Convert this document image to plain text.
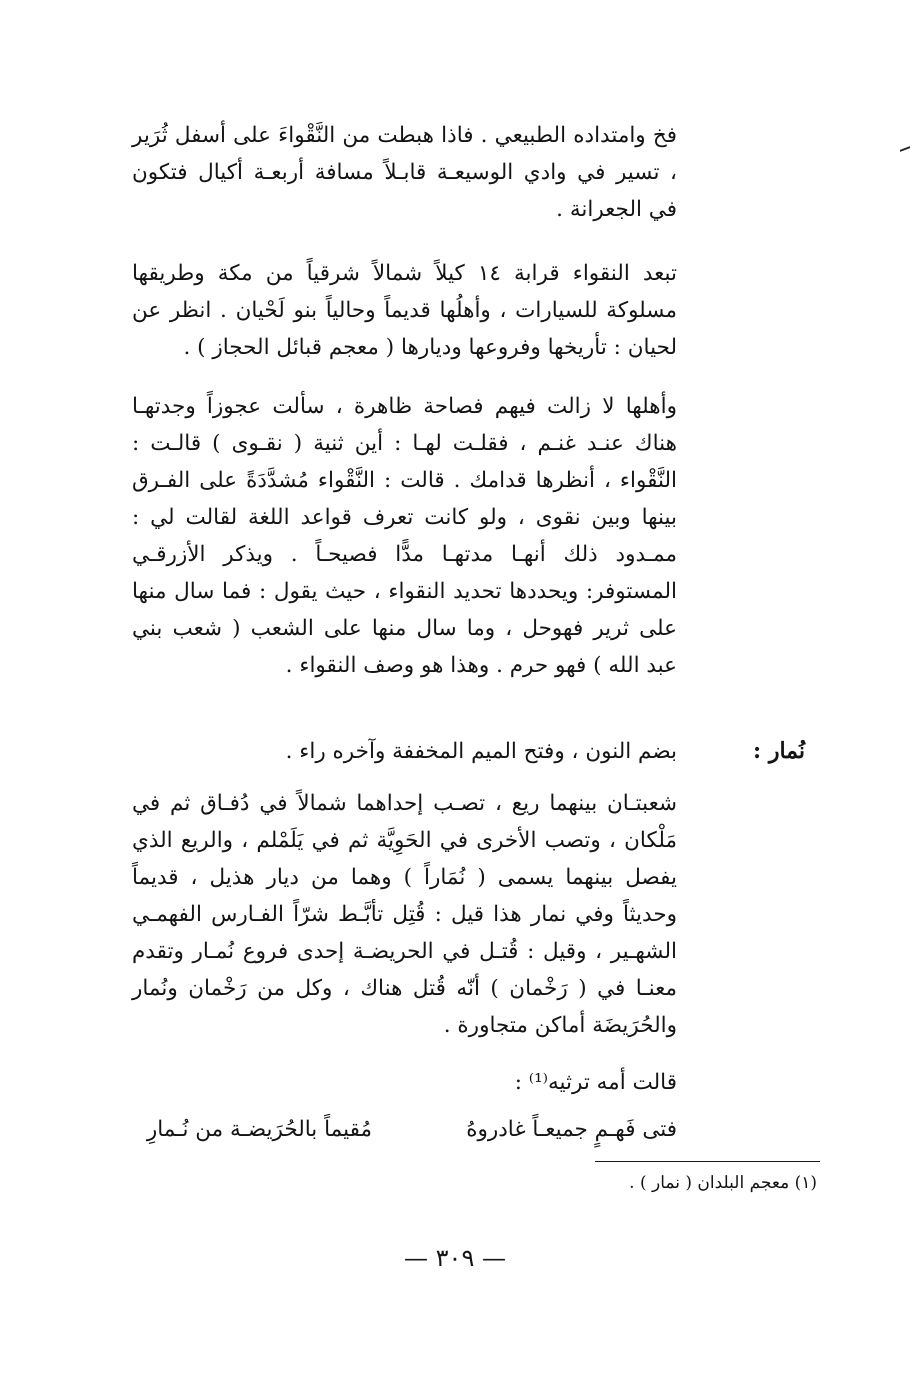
فخ وامتداده الطبيعي . فاذا هبطت من النَّقْواءَ على أسفل ثُرَير ، تسير في وادي الوسيعـة قابـلاً مسافة أربعـة أكيال فتكون في الجعرانة .

تبعد النقواء قرابة ١٤ كيلاً شمالاً شرقياً من مكة وطريقها مسلوكة للسيارات ، وأهلُها قديماً وحالياً بنو لَحْيان . انظر عن لحيان : تأريخها وفروعها وديارها ( معجم قبائل الحجاز ) .

وأهلها لا زالت فيهم فصاحة ظاهرة ، سألت عجوزاً وجدتهـا هناك عنـد غنـم ، فقلـت لهـا : أين ثنية ( نقـوى ) قالـت : النَّقْواء ، أنظرها قدامك . قالت : النَّقْواء مُشدَّدَةً على الفـرق بينها وبين نقوى ، ولو كانت تعرف قواعد اللغة لقالت لي : ممـدود ذلك أنهـا مدتهـا مدًّا فصيحـاً . ويذكر الأزرقـي المستوفر: ويحددها تحديد النقواء ، حيث يقول : فما سال منها على ثرير فهوحل ، وما سال منها على الشعب ( شعب بني عبد الله ) فهو حرم . وهذا هو وصف النقواء .

نُمار :

بضم النون ، وفتح الميم المخففة وآخره راء .

شعبتـان بينهما ريع ، تصـب إحداهما شمالاً في دُفـاق ثم في مَلْكان ، وتصب الأخرى في الحَوِيَّة ثم في يَلَمْلم ، والريع الذي يفصل بينهما يسمى ( نُمَاراً ) وهما من ديار هذيل ، قديماً وحديثاً وفي نمار هذا قيل : قُتِل تأبَّـط شرّاً الفـارس الفهمـي الشهـير ، وقيل : قُتـل في الحريضـة إحدى فروع نُمـار وتقدم معنـا في ( رَخْمان ) أنّه قُتل هناك ، وكل من رَخْمان ونُمار والحُرَيضَة أماكن متجاورة .

قالت أمه ترثيه⁽¹⁾ :

فتى فَهـمٍ جميعـاً غادروهُ
مُقيماً بالحُرَيضـة من نُـمارِ

(١) معجم البلدان ( نمار ) .

— ٣٠٩ —
